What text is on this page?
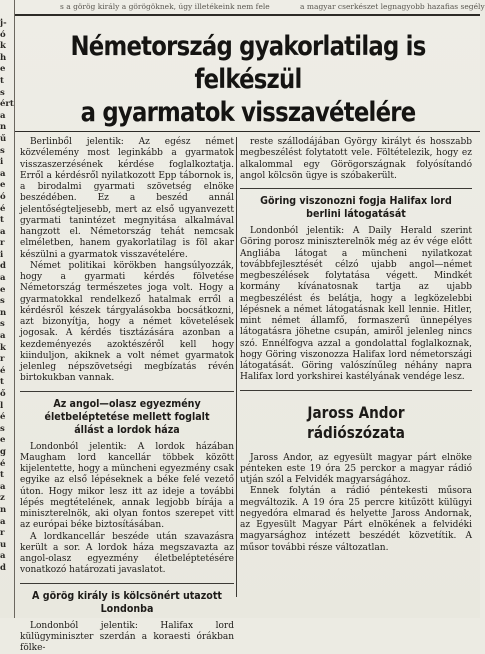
s a görög király a görögöknek, úgy illetékeink nem fele	a magyar cserkészet legnagyobb hazafias segély
j-
ó
k
h
e
t
s
ért
a
n
ű
s
i
a
e
ó
é
t
a
r
i
d
a
e
s
n
s
a
k
r
é
t
ő
l
é
s
e
g
é
t
a
z
n
a
r
u
a
d
Németország gyakorlatilag is felkészül
a gyarmatok visszavételére

Berlinből jelentik: Az egész német közvélemény most leginkább a gyarmatok visszaszerzésének kérdése foglalkoztatja. Erről a kérdésről nyilatkozott Epp tábornok is, a birodalmi gyarmati szövetség elnöke beszédében. Ez a beszéd annál jelentőségteljesebb, mert az első ugyanvezett gyarmati tanintézet megnyitása alkalmával hangzott el. Németország tehát nemcsak elméletben, hanem gyakorlatilag is föl akar készülni a gyarmatok visszavételére.

Német politikai körökben hangsúlyozzák, hogy a gyarmati kérdés fölvetése Németország természetes joga volt. Hogy a gyarmatokkal rendelkező hatalmak erről a kérdésről készek tárgyalásokba bocsátkozni, azt bizonyítja, hogy a német követelések jogosak. A kérdés tisztázására azonban a kezdeményezés azoktészéről kell hogy kiinduljon, akiknek a volt német gyarmatok jelenleg népszövetségi megbízatás révén birtokukban vannak.

Az angol—olasz egyezmény életbeléptetése mellett foglalt állást a lordok háza

Londonból jelentik: A lordok házában Maugham lord kancellár többek között kijelentette, hogy a müncheni egyezmény csak egyike az első lépéseknek a béke felé vezető úton. Hogy mikor lesz itt az ideje a további lépés megtételének, annak legjobb bírája a miniszterelnök, aki olyan fontos szerepet vitt az európai béke biztosításában.

A lordkancellár beszéde után szavazásra került a sor. A lordok háza megszavazta az angol-olasz egyezmény életbeléptetésére vonatkozó határozati javaslatot.

A görög király is kölcsönért utazott Londonba

Londonból jelentik: Halifax lord külügyminiszter szerdán a koraesti órákban fölke-

reste szállodájában György királyt és hosszabb megbeszélést folytatott vele. Föltételezik, hogy ez alkalommal egy Görögországnak folyósítandó angol kölcsön ügye is szóbakerült.

Göring viszonozni fogja Halifax lord berlini látogatását

Londonból jelentik: A Daily Herald szerint Göring porosz miniszterelnök még az év vége előtt Angliába látogat a müncheni nyilatkozat továbbfejlesztését célzó ujabb angol—német megbeszélések folytatása végett. Mindkét kormány kívánatosnak tartja az ujabb megbeszélést és belátja, hogy a legközelebbi lépésnek a német látogatásnak kell lennie. Hitler, mint német államfő, formaszerű ünnepélyes látogatásra jöhetne csupán, amiről jelenleg nincs szó. Ennélfogva azzal a gondolattal foglalkoznak, hogy Göring viszonozza Halifax lord németországi látogatását. Göring valószínűleg néhány napra Halifax lord yorkshirei kastélyának vendége lesz.

Jaross Andor rádiószózata

Jaross Andor, az egyesült magyar párt elnöke pénteken este 19 óra 25 perckor a magyar rádió utján szól a Felvidék magyarságához.

Ennek folytán a rádió péntekesti műsora megváltozik. A 19 óra 25 percre kitűzött külügyi negyedóra elmarad és helyette Jaross Andornak, az Egyesült Magyar Párt elnökének a felvidéki magyarsághoz intézett beszédét közvetítik. A műsor további része változatlan.
